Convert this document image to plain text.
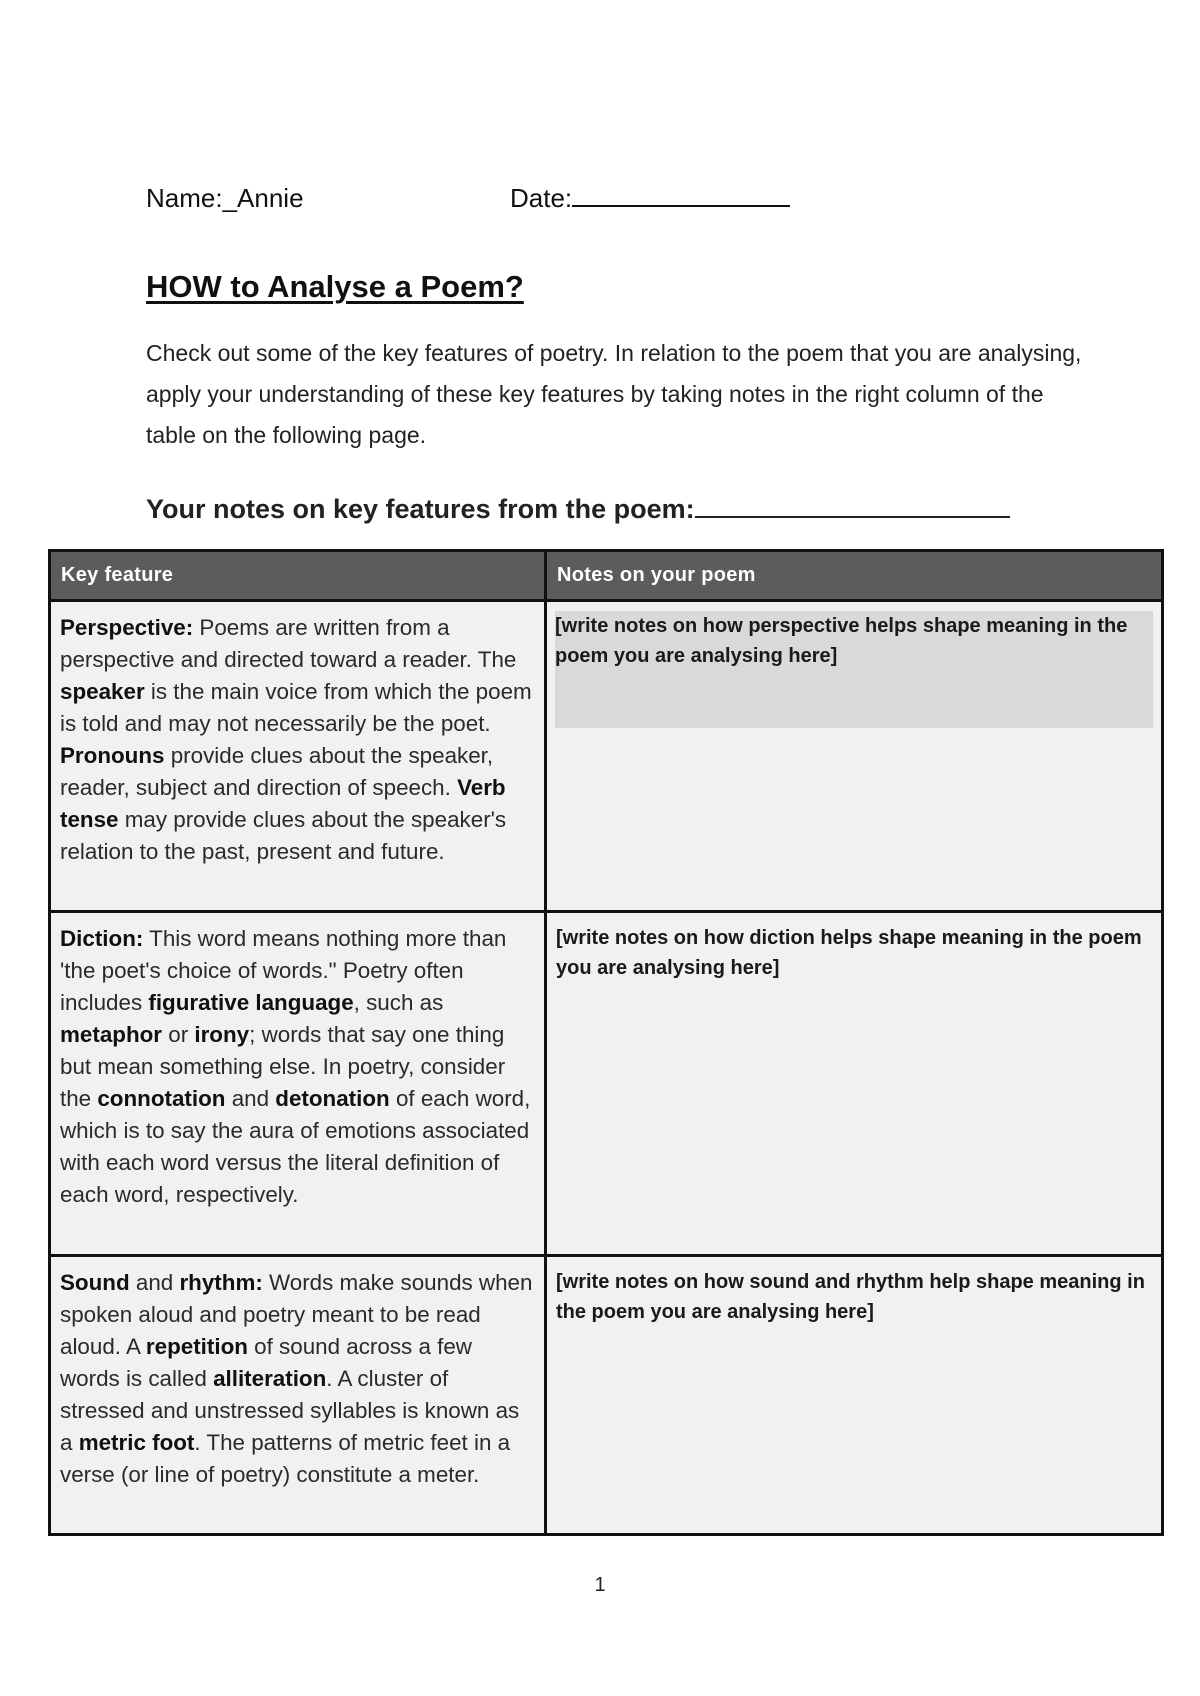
Name:_Annie	Date:
HOW to Analyse a Poem?

Check out some of the key features of poetry. In relation to the poem that you are analysing, apply your understanding of these key features by taking notes in the right column of the table on the following page.

Your notes on key features from the poem:
Key feature	Notes on your poem
Perspective: Poems are written from a perspective and directed toward a reader. The speaker is the main voice from which the poem is told and may not necessarily be the poet. Pronouns provide clues about the speaker, reader, subject and direction of speech. Verb tense may provide clues about the speaker's relation to the past, present and future.	[write notes on how perspective helps shape meaning in the poem you are analysing here]

Diction: This word means nothing more than 'the poet's choice of words." Poetry often includes figurative language, such as metaphor or irony; words that say one thing but mean something else. In poetry, consider the connotation and detonation of each word, which is to say the aura of emotions associated with each word versus the literal definition of each word, respectively.	[write notes on how diction helps shape meaning in the poem you are analysing here]

Sound and rhythm: Words make sounds when spoken aloud and poetry meant to be read aloud. A repetition of sound across a few words is called alliteration. A cluster of stressed and unstressed syllables is known as a metric foot. The patterns of metric feet in a verse (or line of poetry) constitute a meter.	[write notes on how sound and rhythm help shape meaning in the poem you are analysing here]
1
